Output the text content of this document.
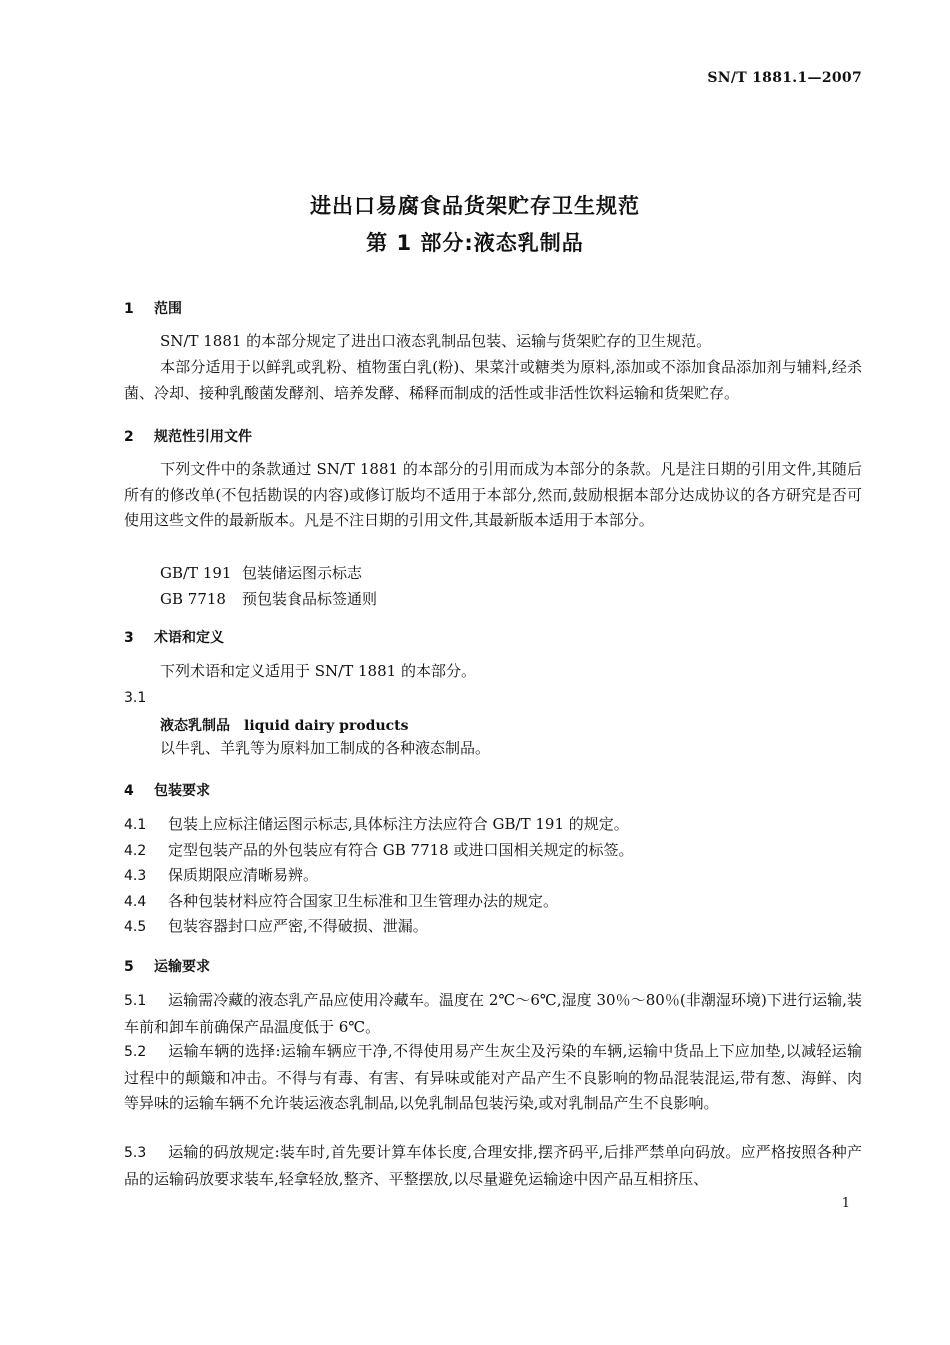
SN/T 1881.1—2007
进出口易腐食品货架贮存卫生规范
第 1 部分:液态乳制品
1 范围
SN/T 1881 的本部分规定了进出口液态乳制品包装、运输与货架贮存的卫生规范。
本部分适用于以鲜乳或乳粉、植物蛋白乳(粉)、果菜汁或糖类为原料,添加或不添加食品添加剂与辅料,经杀菌、冷却、接种乳酸菌发酵剂、培养发酵、稀释而制成的活性或非活性饮料运输和货架贮存。
2 规范性引用文件
下列文件中的条款通过 SN/T 1881 的本部分的引用而成为本部分的条款。凡是注日期的引用文件,其随后所有的修改单(不包括勘误的内容)或修订版均不适用于本部分,然而,鼓励根据本部分达成协议的各方研究是否可使用这些文件的最新版本。凡是不注日期的引用文件,其最新版本适用于本部分。
GB/T 191 包装储运图示标志
GB 7718 预包装食品标签通则
3 术语和定义
下列术语和定义适用于 SN/T 1881 的本部分。
3.1
液态乳制品 liquid dairy products
以牛乳、羊乳等为原料加工制成的各种液态制品。
4 包装要求
4.1 包装上应标注储运图示标志,具体标注方法应符合 GB/T 191 的规定。
4.2 定型包装产品的外包装应有符合 GB 7718 或进口国相关规定的标签。
4.3 保质期限应清晰易辨。
4.4 各种包装材料应符合国家卫生标准和卫生管理办法的规定。
4.5 包装容器封口应严密,不得破损、泄漏。
5 运输要求
5.1 运输需冷藏的液态乳产品应使用冷藏车。温度在 2℃～6℃,湿度 30％～80％(非潮湿环境)下进行运输,装车前和卸车前确保产品温度低于 6℃。
5.2 运输车辆的选择:运输车辆应干净,不得使用易产生灰尘及污染的车辆,运输中货品上下应加垫,以减轻运输过程中的颠簸和冲击。不得与有毒、有害、有异味或能对产品产生不良影响的物品混装混运,带有葱、海鲜、肉等异味的运输车辆不允许装运液态乳制品,以免乳制品包装污染,或对乳制品产生不良影响。
5.3 运输的码放规定:装车时,首先要计算车体长度,合理安排,摆齐码平,后排严禁单向码放。应严格按照各种产品的运输码放要求装车,轻拿轻放,整齐、平整摆放,以尽量避免运输途中因产品互相挤压、
1
